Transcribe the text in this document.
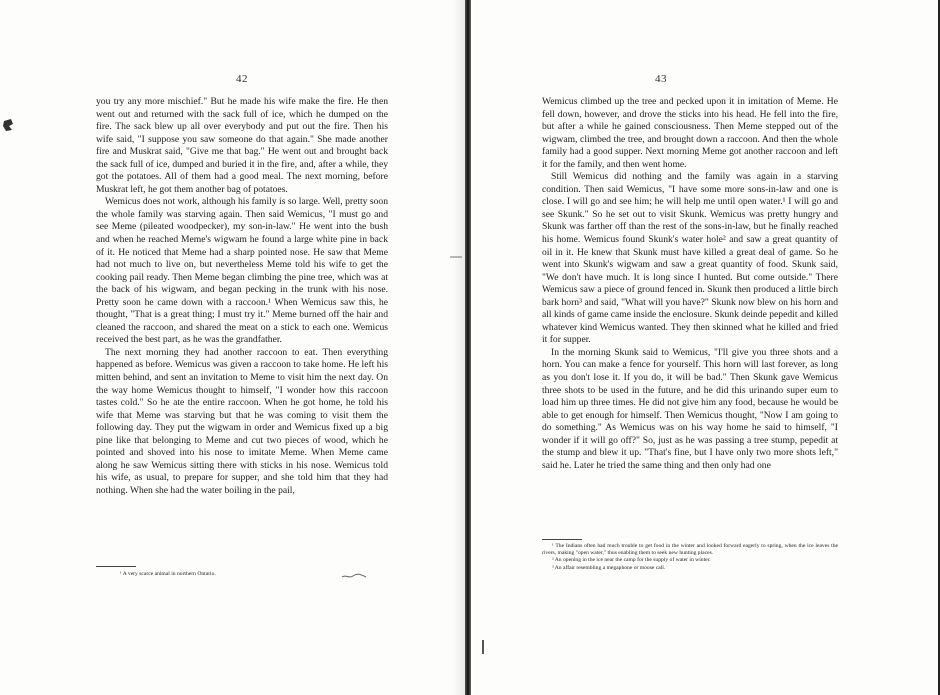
42

you try any more mischief." But he made his wife make the fire. He then went out and returned with the sack full of ice, which he dumped on the fire. The sack blew up all over everybody and put out the fire. Then his wife said, "I suppose you saw someone do that again." She made another fire and Muskrat said, "Give me that bag." He went out and brought back the sack full of ice, dumped and buried it in the fire, and, after a while, they got the potatoes. All of them had a good meal. The next morning, before Muskrat left, he got them another bag of potatoes.

Wemicus does not work, although his family is so large. Well, pretty soon the whole family was starving again. Then said Wemicus, "I must go and see Meme (pileated woodpecker), my son-in-law." He went into the bush and when he reached Meme's wigwam he found a large white pine in back of it. He noticed that Meme had a sharp pointed nose. He saw that Meme had not much to live on, but nevertheless Meme told his wife to get the cooking pail ready. Then Meme began climbing the pine tree, which was at the back of his wigwam, and began pecking in the trunk with his nose. Pretty soon he came down with a raccoon.¹ When Wemicus saw this, he thought, "That is a great thing; I must try it." Meme burned off the hair and cleaned the raccoon, and shared the meat on a stick to each one. Wemicus received the best part, as he was the grandfather.

The next morning they had another raccoon to eat. Then everything happened as before. Wemicus was given a raccoon to take home. He left his mitten behind, and sent an invitation to Meme to visit him the next day. On the way home Wemicus thought to himself, "I wonder how this raccoon tastes cold." So he ate the entire raccoon. When he got home, he told his wife that Meme was starving but that he was coming to visit them the following day. They put the wigwam in order and Wemicus fixed up a big pine like that belonging to Meme and cut two pieces of wood, which he pointed and shoved into his nose to imitate Meme. When Meme came along he saw Wemicus sitting there with sticks in his nose. Wemicus told his wife, as usual, to prepare for supper, and she told him that they had nothing. When she had the water boiling in the pail,

¹ A very scarce animal in northern Ontario.

43

Wemicus climbed up the tree and pecked upon it in imitation of Meme. He fell down, however, and drove the sticks into his head. He fell into the fire, but after a while he gained consciousness. Then Meme stepped out of the wigwam, climbed the tree, and brought down a raccoon. And then the whole family had a good supper. Next morning Meme got another raccoon and left it for the family, and then went home.

Still Wemicus did nothing and the family was again in a starving condition. Then said Wemicus, "I have some more sons-in-law and one is close. I will go and see him; he will help me until open water.¹ I will go and see Skunk." So he set out to visit Skunk. Wemicus was pretty hungry and Skunk was farther off than the rest of the sons-in-law, but he finally reached his home. Wemicus found Skunk's water hole² and saw a great quantity of oil in it. He knew that Skunk must have killed a great deal of game. So he went into Skunk's wigwam and saw a great quantity of food. Skunk said, "We don't have much. It is long since I hunted. But come outside." There Wemicus saw a piece of ground fenced in. Skunk then produced a little birch bark horn³ and said, "What will you have?" Skunk now blew on his horn and all kinds of game came inside the enclosure. Skunk deinde pepedit and killed whatever kind Wemicus wanted. They then skinned what he killed and fried it for supper.

In the morning Skunk said to Wemicus, "I'll give you three shots and a horn. You can make a fence for yourself. This horn will last forever, as long as you don't lose it. If you do, it will be bad." Then Skunk gave Wemicus three shots to be used in the future, and he did this urinando super eum to load him up three times. He did not give him any food, because he would be able to get enough for himself. Then Wemicus thought, "Now I am going to do something." As Wemicus was on his way home he said to himself, "I wonder if it will go off?" So, just as he was passing a tree stump, pepedit at the stump and blew it up. "That's fine, but I have only two more shots left," said he. Later he tried the same thing and then only had one

¹ The Indians often had much trouble to get food in the winter and looked forward eagerly to spring, when the ice leaves the rivers, making "open water," thus enabling them to seek new hunting places.

² An opening in the ice near the camp for the supply of water in winter.

³ An affair resembling a megaphone or moose call.
